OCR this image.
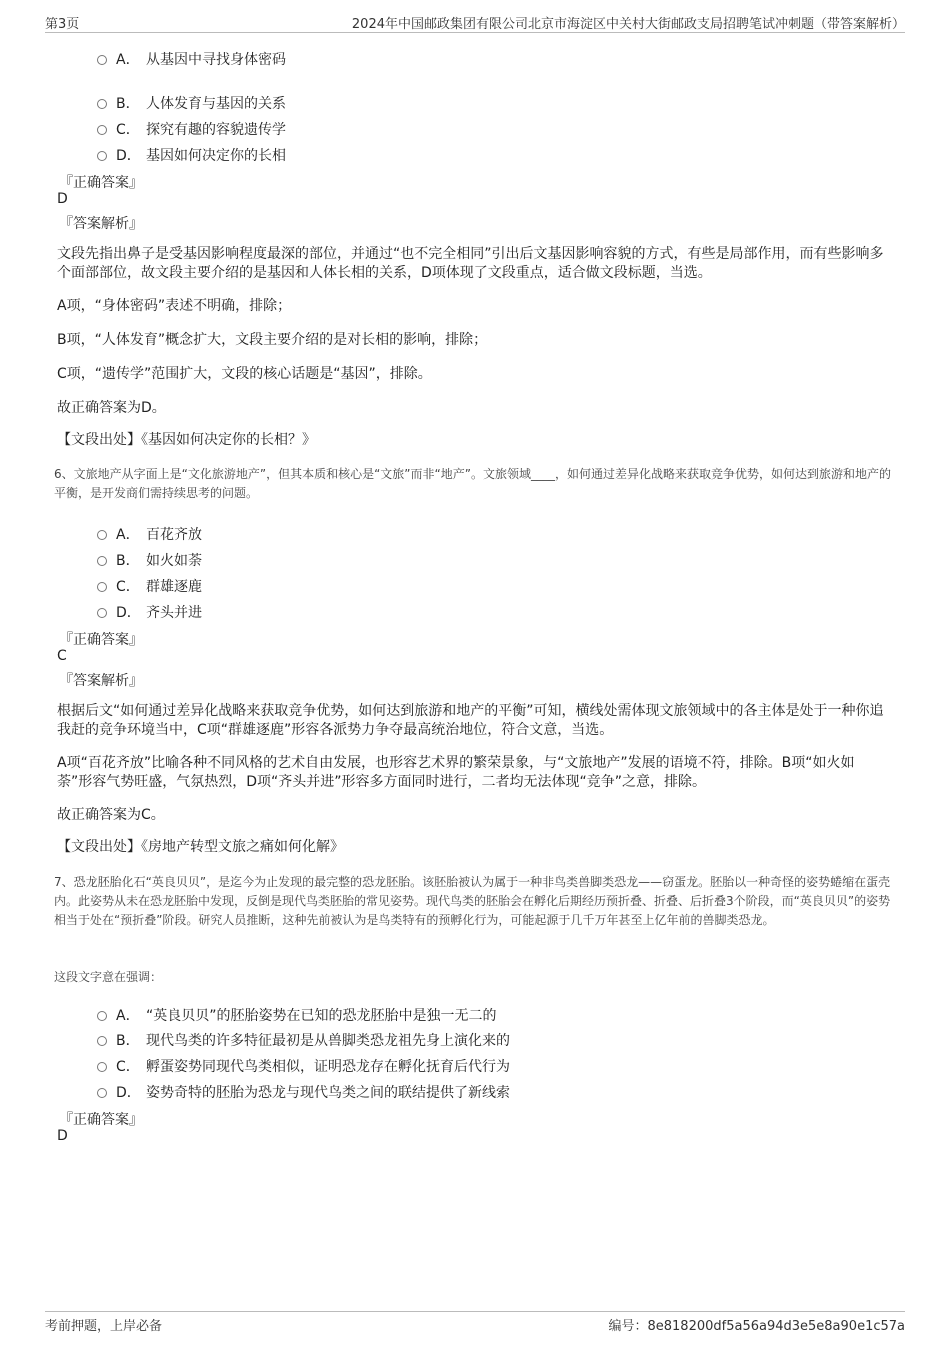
第3页	2024年中国邮政集团有限公司北京市海淀区中关村大街邮政支局招聘笔试冲刺题（带答案解析）
A． 从基因中寻找身体密码
B． 人体发育与基因的关系
C． 探究有趣的容貌遗传学
D． 基因如何决定你的长相
『正确答案』
D
『答案解析』
文段先指出鼻子是受基因影响程度最深的部位，并通过“也不完全相同”引出后文基因影响容貌的方式，有些是局部作用，而有些影响多个面部部位，故文段主要介绍的是基因和人体长相的关系，D项体现了文段重点，适合做文段标题，当选。
A项，“身体密码”表述不明确，排除；
B项，“人体发育”概念扩大，文段主要介绍的是对长相的影响，排除；
C项，“遗传学”范围扩大，文段的核心话题是“基因”，排除。
故正确答案为D。
【文段出处】《基因如何决定你的长相？》
6、文旅地产从字面上是“文化旅游地产”，但其本质和核心是“文旅”而非“地产”。文旅领域____，如何通过差异化战略来获取竞争优势，如何达到旅游和地产的平衡，是开发商们需持续思考的问题。
A． 百花齐放
B． 如火如荼
C． 群雄逐鹿
D． 齐头并进
『正确答案』
C
『答案解析』
根据后文“如何通过差异化战略来获取竞争优势，如何达到旅游和地产的平衡”可知，横线处需体现文旅领域中的各主体是处于一种你追我赶的竞争环境当中，C项“群雄逐鹿”形容各派势力争夺最高统治地位，符合文意，当选。
A项“百花齐放”比喻各种不同风格的艺术自由发展，也形容艺术界的繁荣景象，与“文旅地产”发展的语境不符，排除。B项“如火如荼”形容气势旺盛，气氛热烈，D项“齐头并进”形容多方面同时进行，二者均无法体现“竞争”之意，排除。
故正确答案为C。
【文段出处】《房地产转型文旅之痛如何化解》
7、恐龙胚胎化石“英良贝贝”，是迄今为止发现的最完整的恐龙胚胎。该胚胎被认为属于一种非鸟类兽脚类恐龙——窃蛋龙。胚胎以一种奇怪的姿势蜷缩在蛋壳内。此姿势从未在恐龙胚胎中发现，反倒是现代鸟类胚胎的常见姿势。现代鸟类的胚胎会在孵化后期经历预折叠、折叠、后折叠3个阶段，而“英良贝贝”的姿势相当于处在“预折叠”阶段。研究人员推断，这种先前被认为是鸟类特有的预孵化行为，可能起源于几千万年甚至上亿年前的兽脚类恐龙。
这段文字意在强调：
A． “英良贝贝”的胚胎姿势在已知的恐龙胚胎中是独一无二的
B． 现代鸟类的许多特征最初是从兽脚类恐龙祖先身上演化来的
C． 孵蛋姿势同现代鸟类相似，证明恐龙存在孵化抚育后代行为
D． 姿势奇特的胚胎为恐龙与现代鸟类之间的联结提供了新线索
『正确答案』
D
考前押题，上岸必备	编号：8e818200df5a56a94d3e5e8a90e1c57a
